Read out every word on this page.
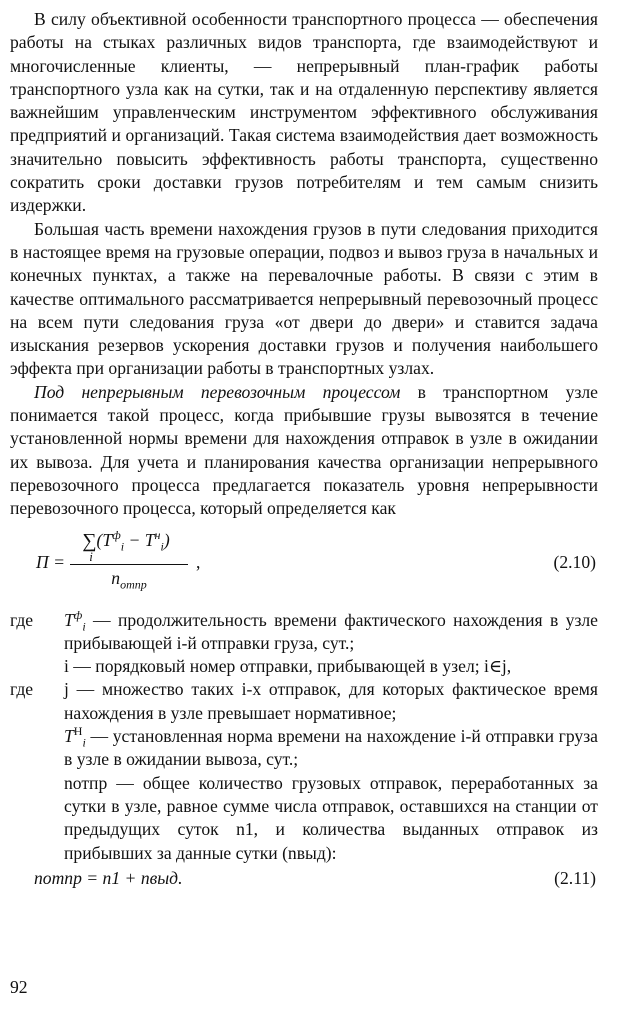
В силу объективной особенности транспортного процесса — обеспечения работы на стыках различных видов транспорта, где взаимодействуют и многочисленные клиенты, — непрерывный план-график работы транспортного узла как на сутки, так и на отдаленную перспективу является важнейшим управленческим инструментом эффективного обслуживания предприятий и организаций. Такая система взаимодействия дает возможность значительно повысить эффективность работы транспорта, существенно сократить сроки доставки грузов потребителям и тем самым снизить издержки.

Большая часть времени нахождения грузов в пути следования приходится в настоящее время на грузовые операции, подвоз и вывоз груза в начальных и конечных пунктах, а также на перевалочные работы. В связи с этим в качестве оптимального рассматривается непрерывный перевозочный процесс на всем пути следования груза «от двери до двери» и ставится задача изыскания резервов ускорения доставки грузов и получения наибольшего эффекта при организации работы в транспортных узлах.

Под непрерывным перевозочным процессом в транспортном узле понимается такой процесс, когда прибывшие грузы вывозятся в течение установленной нормы времени для нахождения отправок в узле в ожидании их вывоза. Для учета и планирования качества организации непрерывного перевозочного процесса предлагается показатель уровня непрерывности перевозочного процесса, который определяется как

П =
$\sum(T^ф_i - T^н_i)$
i
$n_{отпр}$
,	(2.10)
где $T^ф_i$ — продолжительность времени фактического нахождения в узле прибывающей i-й отправки груза, сут.;
i — порядковый номер отправки, прибывающей в узел; i∈j,
где j — множество таких i-х отправок, для которых фактическое время нахождения в узле превышает нормативное;
$T^Н_i$ — установленная норма времени на нахождение i-й отправки груза в узле в ожидании вывоза, сут.;
nотпр — общее количество грузовых отправок, переработанных за сутки в узле, равное сумме числа отправок, оставшихся на станции от предыдущих суток n1, и количества выданных отправок из прибывших за данные сутки (nвыд):
nотпр = n1 + nвыд.	(2.11)
92
